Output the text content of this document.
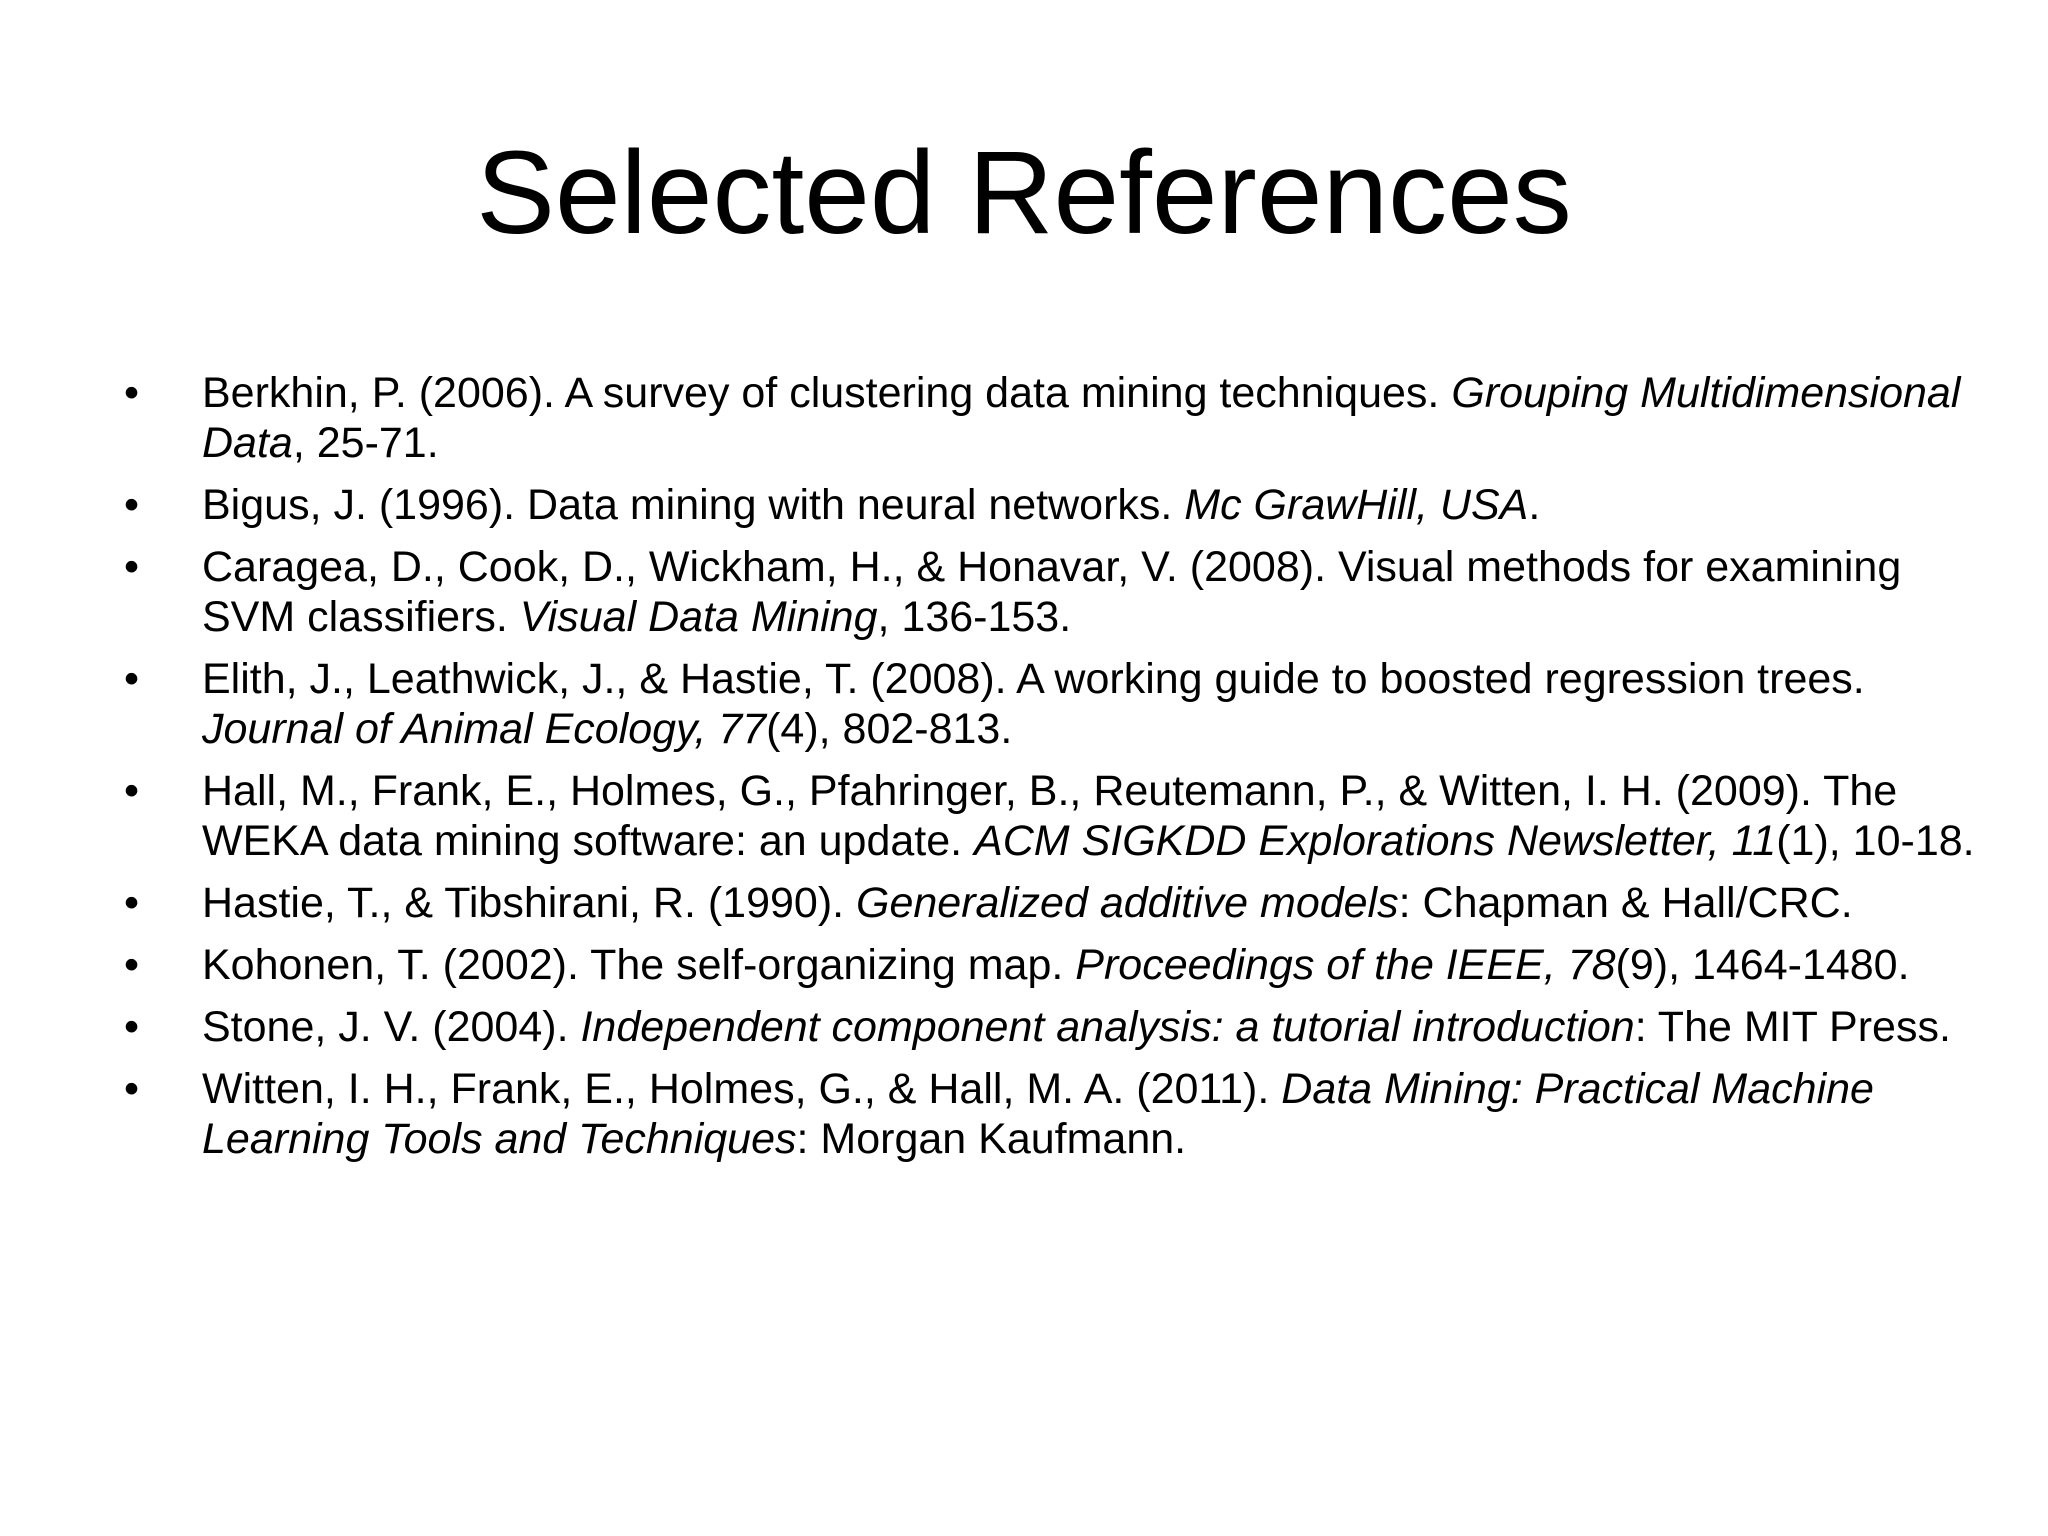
Selected References
•	Berkhin, P. (2006). A survey of clustering data mining techniques. Grouping Multidimensional Data, 25-71.
•	Bigus, J. (1996). Data mining with neural networks. Mc GrawHill, USA.
•	Caragea, D., Cook, D., Wickham, H., & Honavar, V. (2008). Visual methods for examining SVM classifiers. Visual Data Mining, 136-153.
•	Elith, J., Leathwick, J., & Hastie, T. (2008). A working guide to boosted regression trees. Journal of Animal Ecology, 77(4), 802-813.
•	Hall, M., Frank, E., Holmes, G., Pfahringer, B., Reutemann, P., & Witten, I. H. (2009). The WEKA data mining software: an update. ACM SIGKDD Explorations Newsletter, 11(1), 10-18.
•	Hastie, T., & Tibshirani, R. (1990). Generalized additive models: Chapman & Hall/CRC.
•	Kohonen, T. (2002). The self-organizing map. Proceedings of the IEEE, 78(9), 1464-1480.
•	Stone, J. V. (2004). Independent component analysis: a tutorial introduction: The MIT Press.
•	Witten, I. H., Frank, E., Holmes, G., & Hall, M. A. (2011). Data Mining: Practical Machine Learning Tools and Techniques: Morgan Kaufmann.
